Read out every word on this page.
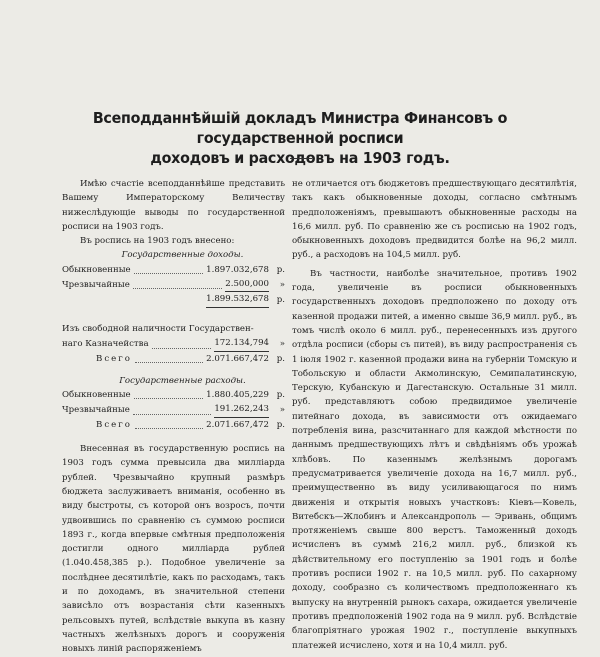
Всеподданнѣйшій докладъ Министра Финансовъ о государственной росписи
доходовъ и расходовъ на 1903 годъ.

Имѣю счастіе всеподданнѣйше представить Вашему Императорскому Величеству нижеслѣдующіе выводы по государственной росписи на 1903 годъ.

Въ роспись на 1903 годъ внесено:

Государственные доходы.

Обыкновенные	1.897.032,678 р.
Чрезвычайные	2.500,000	»
1.899.532,678 р.
Изъ свободной наличности Государствен-
наго Казначейства	172.134,794	»
Всего	2.071.667,472 р.

Государственные расходы.

Обыкновенные	1.880.405,229 р.
Чрезвычайные	191.262,243	»
Всего	2.071.667,472 р.

Внесенная въ государственную роспись на 1903 годъ сумма превысила два милліарда рублей. Чрезвычайно крупный размѣръ бюджета заслуживаетъ вниманія, особенно въ виду быстроты, съ которой онъ возросъ, почти удвоившись по сравненію съ суммою росписи 1893 г., когда впервые смѣтныя предположенія достигли одного милліарда рублей (1.040.458,385 р.). Подобное увеличеніе за послѣднее десятилѣтіе, какъ по расходамъ, такъ и по доходамъ, въ значительной степени зависѣло отъ возрастанія сѣти казенныхъ рельсовыхъ путей, вслѣдствіе выкупа въ казну частныхъ желѣзныхъ дорогъ и сооруженія новыхъ линій распоряженіемъ

не отличается отъ бюджетовъ предшествующаго десятилѣтія, такъ какъ обыкновенные доходы, согласно смѣтнымъ предположеніямъ, превышаютъ обыкновенные расходы на 16,6 милл. руб. По сравненію же съ росписью на 1902 годъ, обыкновенныхъ доходовъ предвидится болѣе на 96,2 милл. руб., а расходовъ на 104,5 милл. руб.

Въ частности, наиболѣе значительное, противъ 1902 года, увеличеніе въ росписи обыкновенныхъ государственныхъ доходовъ предположено по доходу отъ казенной продажи питей, а именно свыше 36,9 милл. руб., въ томъ числѣ около 6 милл. руб., перенесенныхъ изъ другого отдѣла росписи (сборы съ питей), въ виду распространенія съ 1 іюля 1902 г. казенной продажи вина на губерніи Томскую и Тобольскую и области Акмолинскую, Семипалатинскую, Терскую, Кубанскую и Дагестанскую. Остальные 31 милл. руб. представляютъ собою предвидимое увеличеніе питейнаго дохода, въ зависимости отъ ожидаемаго потребленія вина, разсчитаннаго для каждой мѣстности по даннымъ предшествующихъ лѣтъ и свѣдѣніямъ объ урожаѣ хлѣбовъ. По казеннымъ желѣзнымъ дорогамъ предусматривается увеличеніе дохода на 16,7 милл. руб., преимущественно въ виду усиливающагося по нимъ движенія и открытія новыхъ участковъ: Кіевъ—Ковель, Витебскъ—Жлобинъ и Александрополь — Эривань, общимъ протяженіемъ свыше 800 верстъ. Таможенный доходъ исчисленъ въ суммѣ 216,2 милл. руб., близкой къ дѣйствительному его поступленію за 1901 годъ и болѣе противъ росписи 1902 г. на 10,5 милл. руб. По сахарному доходу, сообразно съ количествомъ предположеннаго къ выпуску на внутренній рынокъ сахара, ожидается увеличеніе противъ предположеній 1902 года на 9 милл. руб. Вслѣдствіе благопріятнаго урожая 1902 г., поступленіе выкупныхъ платежей исчислено, хотя и на 10,4 милл. руб.
